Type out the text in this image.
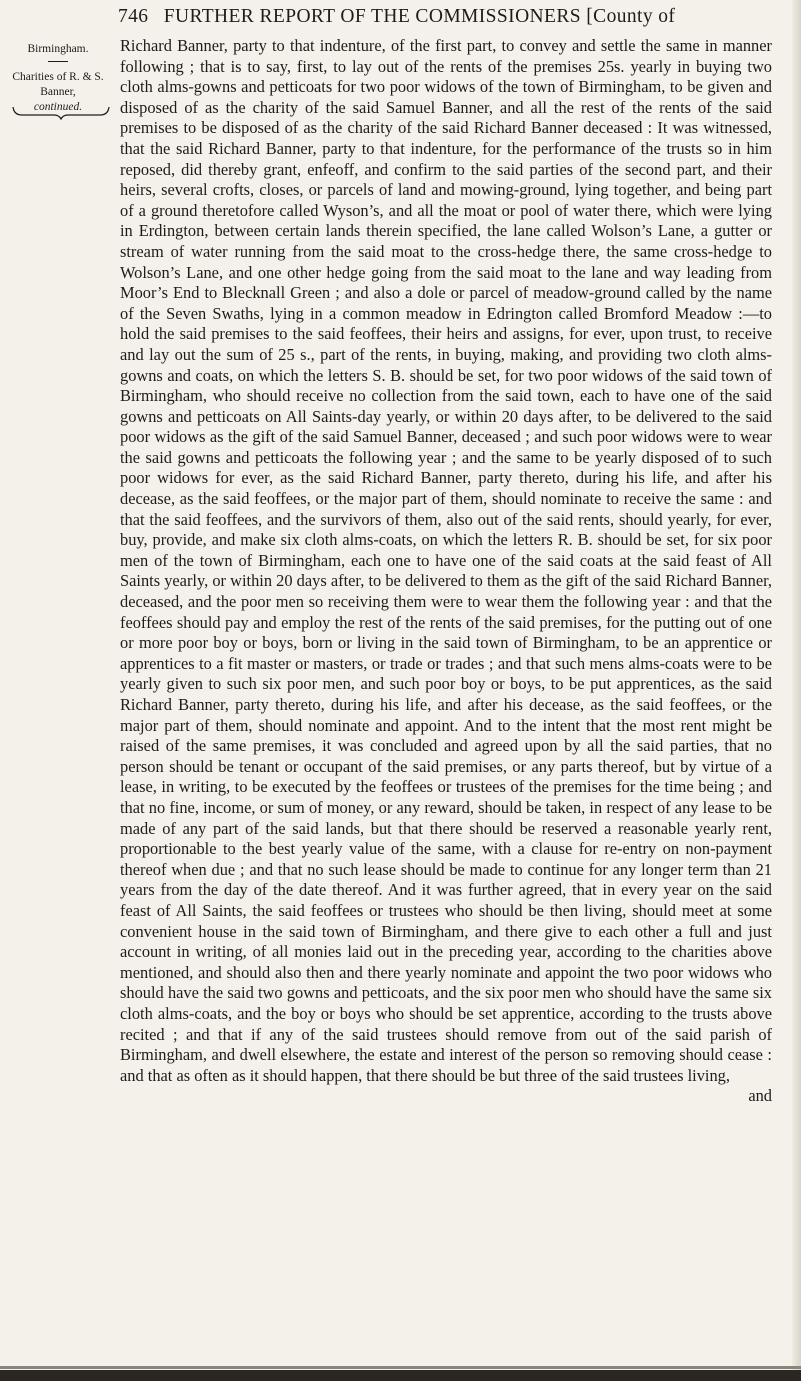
746 FURTHER REPORT OF THE COMMISSIONERS [County of
Birmingham.
Charities of R. & S. Banner,
continued.

Richard Banner, party to that indenture, of the first part, to convey and settle the same in manner following ; that is to say, first, to lay out of the rents of the premises 25s. yearly in buying two cloth alms-gowns and petticoats for two poor widows of the town of Birmingham, to be given and disposed of as the charity of the said Samuel Banner, and all the rest of the rents of the said premises to be disposed of as the charity of the said Richard Banner deceased : It was witnessed, that the said Richard Banner, party to that indenture, for the performance of the trusts so in him reposed, did thereby grant, enfeoff, and confirm to the said parties of the second part, and their heirs, several crofts, closes, or parcels of land and mowing-ground, lying together, and being part of a ground theretofore called Wyson’s, and all the moat or pool of water there, which were lying in Erdington, between certain lands therein specified, the lane called Wolson’s Lane, a gutter or stream of water running from the said moat to the cross-hedge there, the same cross-hedge to Wolson’s Lane, and one other hedge going from the said moat to the lane and way leading from Moor’s End to Blecknall Green ; and also a dole or parcel of meadow-ground called by the name of the Seven Swaths, lying in a common meadow in Edrington called Bromford Meadow :—to hold the said premises to the said feoffees, their heirs and assigns, for ever, upon trust, to receive and lay out the sum of 25 s., part of the rents, in buying, making, and providing two cloth alms-gowns and coats, on which the letters S. B. should be set, for two poor widows of the said town of Birmingham, who should receive no collection from the said town, each to have one of the said gowns and petticoats on All Saints-day yearly, or within 20 days after, to be delivered to the said poor widows as the gift of the said Samuel Banner, deceased ; and such poor widows were to wear the said gowns and petticoats the following year ; and the same to be yearly disposed of to such poor widows for ever, as the said Richard Banner, party thereto, during his life, and after his decease, as the said feoffees, or the major part of them, should nominate to receive the same : and that the said feoffees, and the survivors of them, also out of the said rents, should yearly, for ever, buy, provide, and make six cloth alms-coats, on which the letters R. B. should be set, for six poor men of the town of Birmingham, each one to have one of the said coats at the said feast of All Saints yearly, or within 20 days after, to be delivered to them as the gift of the said Richard Banner, deceased, and the poor men so receiving them were to wear them the following year : and that the feoffees should pay and employ the rest of the rents of the said premises, for the putting out of one or more poor boy or boys, born or living in the said town of Birmingham, to be an apprentice or apprentices to a fit master or masters, or trade or trades ; and that such mens alms-coats were to be yearly given to such six poor men, and such poor boy or boys, to be put apprentices, as the said Richard Banner, party thereto, during his life, and after his decease, as the said feoffees, or the major part of them, should nominate and appoint. And to the intent that the most rent might be raised of the same premises, it was concluded and agreed upon by all the said parties, that no person should be tenant or occupant of the said premises, or any parts thereof, but by virtue of a lease, in writing, to be executed by the feoffees or trustees of the premises for the time being ; and that no fine, income, or sum of money, or any reward, should be taken, in respect of any lease to be made of any part of the said lands, but that there should be reserved a reasonable yearly rent, proportionable to the best yearly value of the same, with a clause for re-entry on non-payment thereof when due ; and that no such lease should be made to continue for any longer term than 21 years from the day of the date thereof. And it was further agreed, that in every year on the said feast of All Saints, the said feoffees or trustees who should be then living, should meet at some convenient house in the said town of Birmingham, and there give to each other a full and just account in writing, of all monies laid out in the preceding year, according to the charities above mentioned, and should also then and there yearly nominate and appoint the two poor widows who should have the said two gowns and petticoats, and the six poor men who should have the same six cloth alms-coats, and the boy or boys who should be set apprentice, according to the trusts above recited ; and that if any of the said trustees should remove from out of the said parish of Birmingham, and dwell elsewhere, the estate and interest of the person so removing should cease : and that as often as it should happen, that there should be but three of the said trustees living,

and
